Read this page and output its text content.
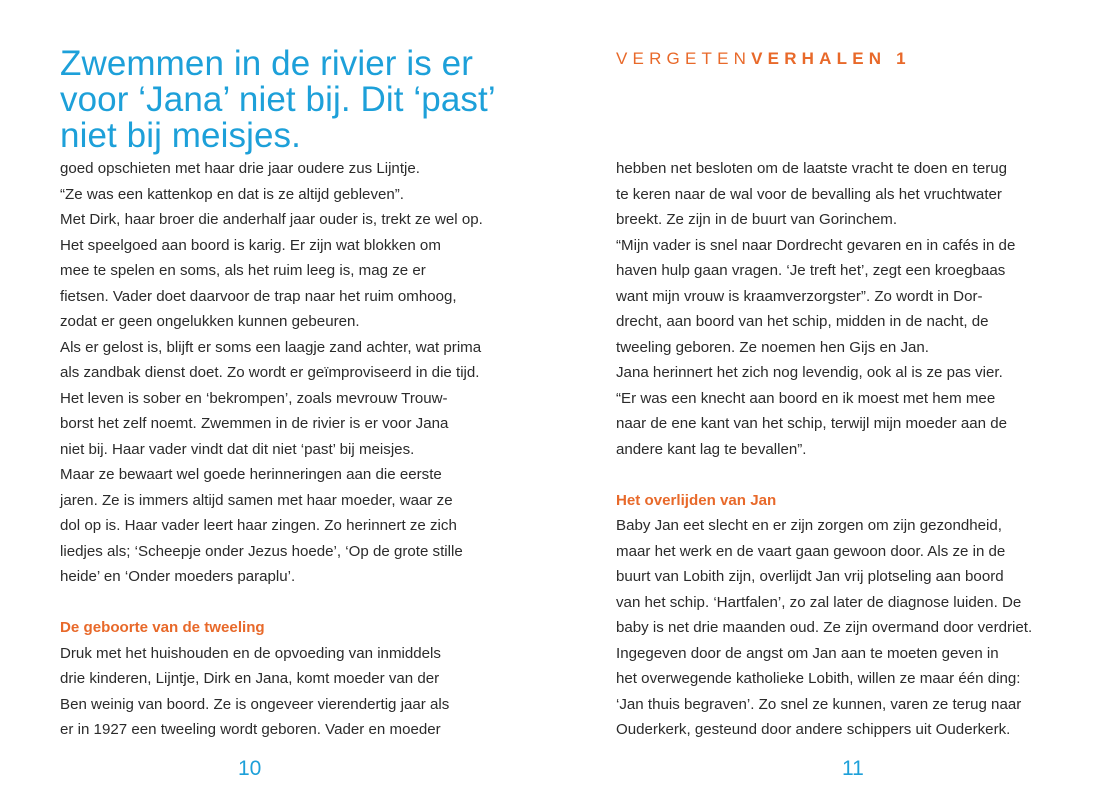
Zwemmen in de rivier is er voor ‘Jana’ niet bij. Dit ‘past’ niet bij meisjes.
goed opschieten met haar drie jaar oudere zus Lijntje.
“Ze was een kattenkop en dat is ze altijd gebleven”.
Met Dirk, haar broer die anderhalf jaar ouder is, trekt ze wel op.
Het speelgoed aan boord is karig. Er zijn wat blokken om
mee te spelen en soms, als het ruim leeg is, mag ze er
fietsen. Vader doet daarvoor de trap naar het ruim omhoog,
zodat er geen ongelukken kunnen gebeuren.
Als er gelost is, blijft er soms een laagje zand achter, wat prima
als zandbak dienst doet. Zo wordt er geïmproviseerd in die tijd.
Het leven is sober en ‘bekrompen’, zoals mevrouw Trouw-
borst het zelf noemt. Zwemmen in de rivier is er voor Jana
niet bij. Haar vader vindt dat dit niet ‘past’ bij meisjes.
Maar ze bewaart wel goede herinneringen aan die eerste
jaren. Ze is immers altijd samen met haar moeder, waar ze
dol op is. Haar vader leert haar zingen. Zo herinnert ze zich
liedjes als; ‘Scheepje onder Jezus hoede’, ‘Op de grote stille
heide’ en ‘Onder moeders paraplu’.
De geboorte van de tweeling
Druk met het huishouden en de opvoeding van inmiddels
drie kinderen, Lijntje, Dirk en Jana, komt moeder van der
Ben weinig van boord. Ze is ongeveer vierendertig jaar als
er in 1927 een tweeling wordt geboren. Vader en moeder
10
VERGETENVERHALEN 1
hebben net besloten om de laatste vracht te doen en terug
te keren naar de wal voor de bevalling als het vruchtwater
breekt. Ze zijn in de buurt van Gorinchem.
“Mijn vader is snel naar Dordrecht gevaren en in cafés in de
haven hulp gaan vragen. ‘Je treft het’, zegt een kroegbaas
want mijn vrouw is kraamverzorgster”. Zo wordt in Dor-
drecht, aan boord van het schip, midden in de nacht, de
tweeling geboren. Ze noemen hen Gijs en Jan.
Jana herinnert het zich nog levendig, ook al is ze pas vier.
“Er was een knecht aan boord en ik moest met hem mee
naar de ene kant van het schip, terwijl mijn moeder aan de
andere kant lag te bevallen”.
Het overlijden van Jan
Baby Jan eet slecht en er zijn zorgen om zijn gezondheid,
maar het werk en de vaart gaan gewoon door. Als ze in de
buurt van Lobith zijn, overlijdt Jan vrij plotseling aan boord
van het schip. ‘Hartfalen’, zo zal later de diagnose luiden. De
baby is net drie maanden oud. Ze zijn overmand door verdriet.
Ingegeven door de angst om Jan aan te moeten geven in
het overwegende katholieke Lobith, willen ze maar één ding:
‘Jan thuis begraven’. Zo snel ze kunnen, varen ze terug naar
Ouderkerk, gesteund door andere schippers uit Ouderkerk.
11
